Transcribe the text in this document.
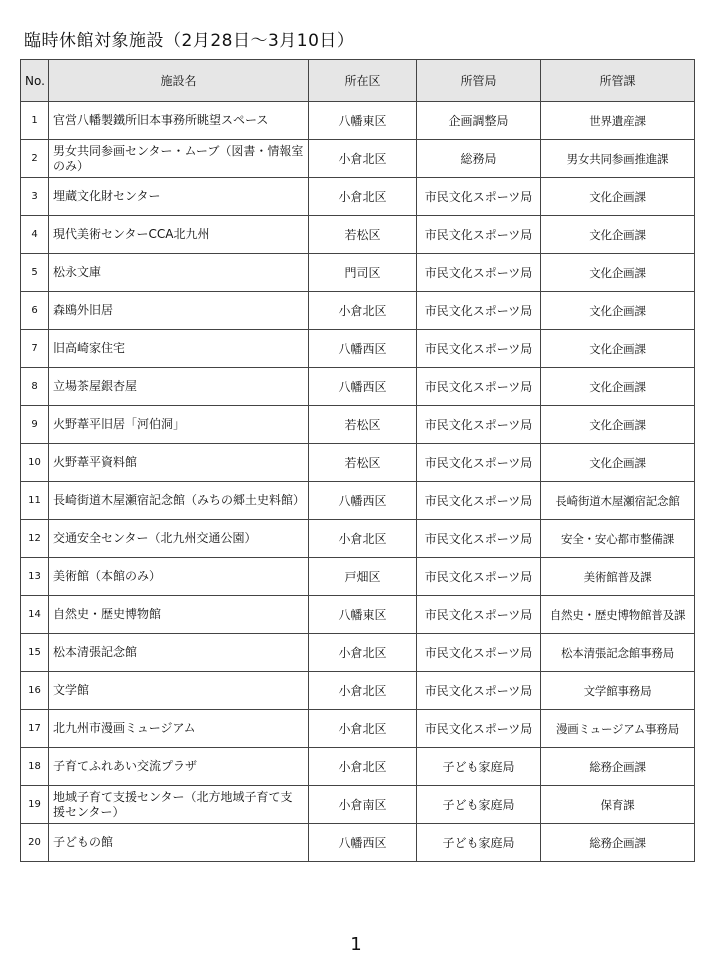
臨時休館対象施設（2月28日〜3月10日）
No.	施設名	所在区	所管局	所管課
1	官営八幡製鐵所旧本事務所眺望スペース	八幡東区	企画調整局	世界遺産課
2	男女共同参画センター・ムーブ（図書・情報室のみ）	小倉北区	総務局	男女共同参画推進課
3	埋蔵文化財センター	小倉北区	市民文化スポーツ局	文化企画課
4	現代美術センターCCA北九州	若松区	市民文化スポーツ局	文化企画課
5	松永文庫	門司区	市民文化スポーツ局	文化企画課
6	森鴎外旧居	小倉北区	市民文化スポーツ局	文化企画課
7	旧高崎家住宅	八幡西区	市民文化スポーツ局	文化企画課
8	立場茶屋銀杏屋	八幡西区	市民文化スポーツ局	文化企画課
9	火野葦平旧居「河伯洞」	若松区	市民文化スポーツ局	文化企画課
10	火野葦平資料館	若松区	市民文化スポーツ局	文化企画課
11	長崎街道木屋瀬宿記念館（みちの郷土史料館）	八幡西区	市民文化スポーツ局	長崎街道木屋瀬宿記念館
12	交通安全センター（北九州交通公園）	小倉北区	市民文化スポーツ局	安全・安心都市整備課
13	美術館（本館のみ）	戸畑区	市民文化スポーツ局	美術館普及課
14	自然史・歴史博物館	八幡東区	市民文化スポーツ局	自然史・歴史博物館普及課
15	松本清張記念館	小倉北区	市民文化スポーツ局	松本清張記念館事務局
16	文学館	小倉北区	市民文化スポーツ局	文学館事務局
17	北九州市漫画ミュージアム	小倉北区	市民文化スポーツ局	漫画ミュージアム事務局
18	子育てふれあい交流プラザ	小倉北区	子ども家庭局	総務企画課
19	地域子育て支援センター（北方地域子育て支援センター）	小倉南区	子ども家庭局	保育課
20	子どもの館	八幡西区	子ども家庭局	総務企画課
1
